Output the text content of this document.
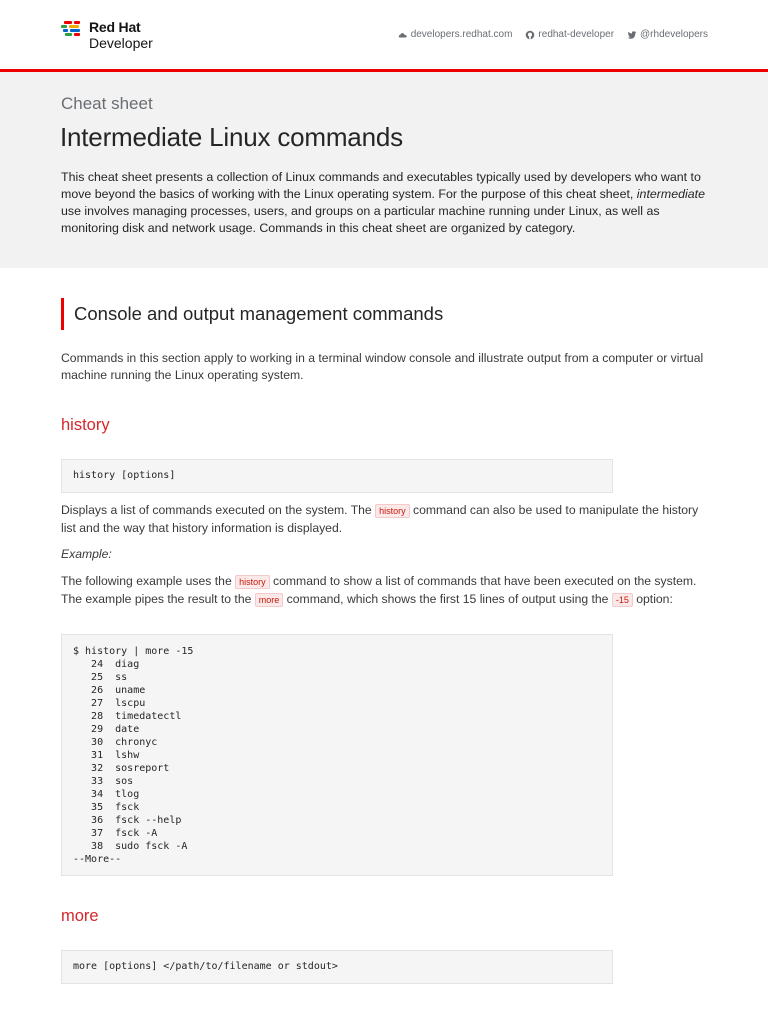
Red Hat
Developer
developers.redhat.com	redhat-developer	@rhdevelopers
Cheat sheet
Intermediate Linux commands
This cheat sheet presents a collection of Linux commands and executables typically used by developers who want to move beyond the basics of working with the Linux operating system. For the purpose of this cheat sheet, intermediate use involves managing processes, users, and groups on a particular machine running under Linux, as well as monitoring disk and network usage. Commands in this cheat sheet are organized by category.
Console and output management commands
Commands in this section apply to working in a terminal window console and illustrate output from a computer or virtual machine running the Linux operating system.
history
history [options]
Displays a list of commands executed on the system. The history command can also be used to manipulate the history list and the way that history information is displayed.
Example:
The following example uses the history command to show a list of commands that have been executed on the system. The example pipes the result to the more command, which shows the first 15 lines of output using the -15 option:
$ history | more -15
24  diag
25  ss
26  uname
27  lscpu
28  timedatectl
29  date
30  chronyc
31  lshw
32  sosreport
33  sos
34  tlog
35  fsck
36  fsck --help
37  fsck -A
38  sudo fsck -A
--More--
more
more [options] </path/to/filename or stdout>
